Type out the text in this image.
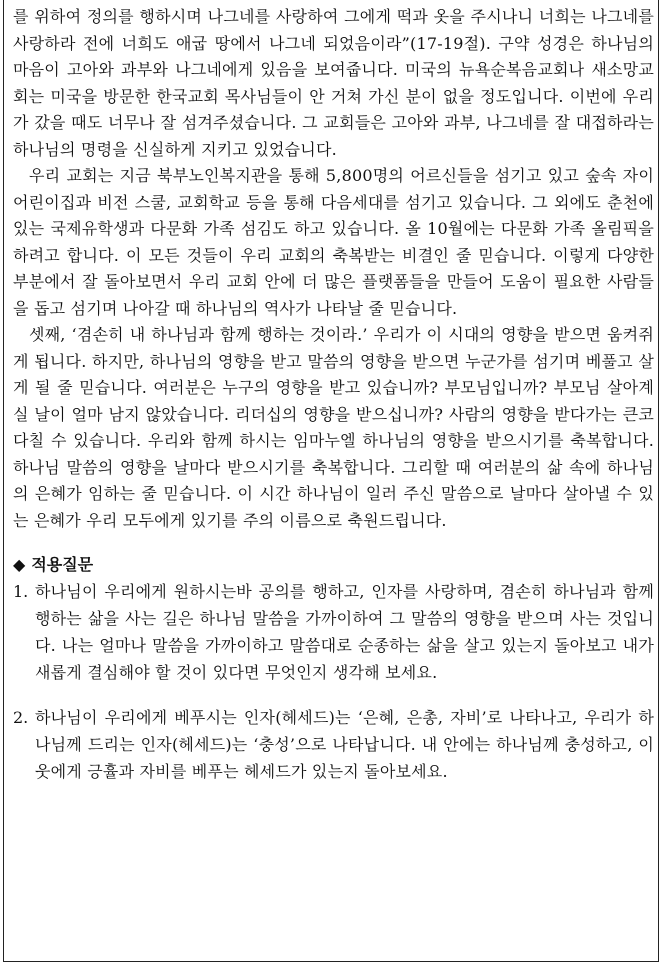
를 위하여 정의를 행하시며 나그네를 사랑하여 그에게 떡과 옷을 주시나니 너희는 나그네를 사랑하라 전에 너희도 애굽 땅에서 나그네 되었음이라”(17-19절). 구약 성경은 하나님의 마음이 고아와 과부와 나그네에게 있음을 보여줍니다. 미국의 뉴욕순복음교회나 새소망교회는 미국을 방문한 한국교회 목사님들이 안 거쳐 가신 분이 없을 정도입니다. 이번에 우리가 갔을 때도 너무나 잘 섬겨주셨습니다. 그 교회들은 고아와 과부, 나그네를 잘 대접하라는 하나님의 명령을 신실하게 지키고 있었습니다.

우리 교회는 지금 북부노인복지관을 통해 5,800명의 어르신들을 섬기고 있고 숲속 자이 어린이집과 비전 스쿨, 교회학교 등을 통해 다음세대를 섬기고 있습니다. 그 외에도 춘천에 있는 국제유학생과 다문화 가족 섬김도 하고 있습니다. 올 10월에는 다문화 가족 올림픽을 하려고 합니다. 이 모든 것들이 우리 교회의 축복받는 비결인 줄 믿습니다. 이렇게 다양한 부분에서 잘 돌아보면서 우리 교회 안에 더 많은 플랫폼들을 만들어 도움이 필요한 사람들을 돕고 섬기며 나아갈 때 하나님의 역사가 나타날 줄 믿습니다.

셋째, ‘겸손히 내 하나님과 함께 행하는 것이라.’ 우리가 이 시대의 영향을 받으면 움켜쥐게 됩니다. 하지만, 하나님의 영향을 받고 말씀의 영향을 받으면 누군가를 섬기며 베풀고 살게 될 줄 믿습니다. 여러분은 누구의 영향을 받고 있습니까? 부모님입니까? 부모님 살아계실 날이 얼마 남지 않았습니다. 리더십의 영향을 받으십니까? 사람의 영향을 받다가는 큰코다칠 수 있습니다. 우리와 함께 하시는 임마누엘 하나님의 영향을 받으시기를 축복합니다. 하나님 말씀의 영향을 날마다 받으시기를 축복합니다. 그리할 때 여러분의 삶 속에 하나님의 은혜가 임하는 줄 믿습니다. 이 시간 하나님이 일러 주신 말씀으로 날마다 살아낼 수 있는 은혜가 우리 모두에게 있기를 주의 이름으로 축원드립니다.

◆ 적용질문
1. 하나님이 우리에게 원하시는바 공의를 행하고, 인자를 사랑하며, 겸손히 하나님과 함께 행하는 삶을 사는 길은 하나님 말씀을 가까이하여 그 말씀의 영향을 받으며 사는 것입니다. 나는 얼마나 말씀을 가까이하고 말씀대로 순종하는 삶을 살고 있는지 돌아보고 내가 새롭게 결심해야 할 것이 있다면 무엇인지 생각해 보세요.
2. 하나님이 우리에게 베푸시는 인자(헤세드)는 ‘은혜, 은총, 자비’로 나타나고, 우리가 하나님께 드리는 인자(헤세드)는 ‘충성’으로 나타납니다. 내 안에는 하나님께 충성하고, 이웃에게 긍휼과 자비를 베푸는 헤세드가 있는지 돌아보세요.
